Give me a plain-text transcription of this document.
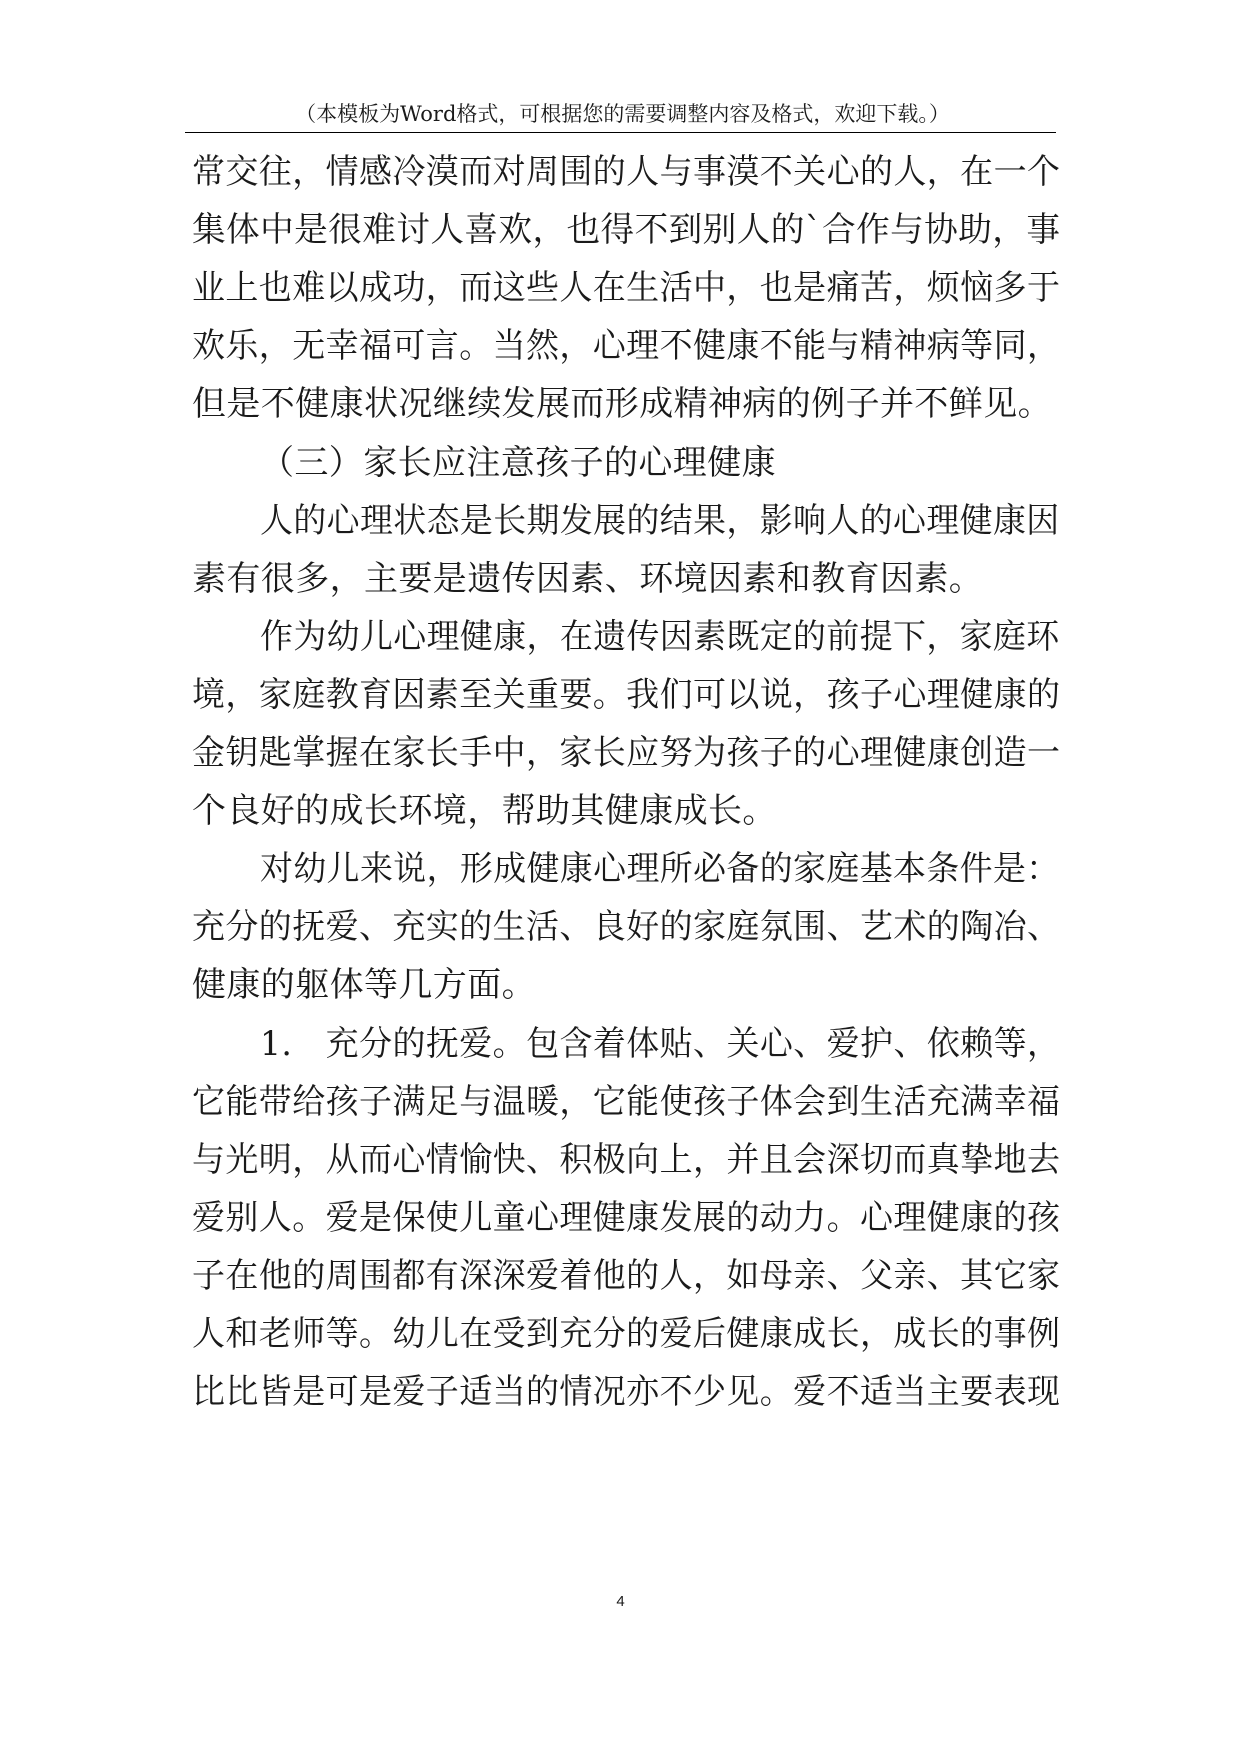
（本模板为Word格式，可根据您的需要调整内容及格式，欢迎下载。）
常交往，情感冷漠而对周围的人与事漠不关心的人，在一个
集体中是很难讨人喜欢，也得不到别人的`合作与协助，事
业上也难以成功，而这些人在生活中，也是痛苦，烦恼多于
欢乐，无幸福可言。当然，心理不健康不能与精神病等同，
但是不健康状况继续发展而形成精神病的例子并不鲜见。
（三）家长应注意孩子的心理健康
人的心理状态是长期发展的结果，影响人的心理健康因
素有很多，主要是遗传因素、环境因素和教育因素。
作为幼儿心理健康，在遗传因素既定的前提下，家庭环
境，家庭教育因素至关重要。我们可以说，孩子心理健康的
金钥匙掌握在家长手中，家长应努为孩子的心理健康创造一
个良好的成长环境，帮助其健康成长。
对幼儿来说，形成健康心理所必备的家庭基本条件是：
充分的抚爱、充实的生活、良好的家庭氛围、艺术的陶冶、
健康的躯体等几方面。
1.　充分的抚爱。包含着体贴、关心、爱护、依赖等，
它能带给孩子满足与温暖，它能使孩子体会到生活充满幸福
与光明，从而心情愉快、积极向上，并且会深切而真挚地去
爱别人。爱是保使儿童心理健康发展的动力。心理健康的孩
子在他的周围都有深深爱着他的人，如母亲、父亲、其它家
人和老师等。幼儿在受到充分的爱后健康成长，成长的事例
比比皆是可是爱子适当的情况亦不少见。爱不适当主要表现
4
